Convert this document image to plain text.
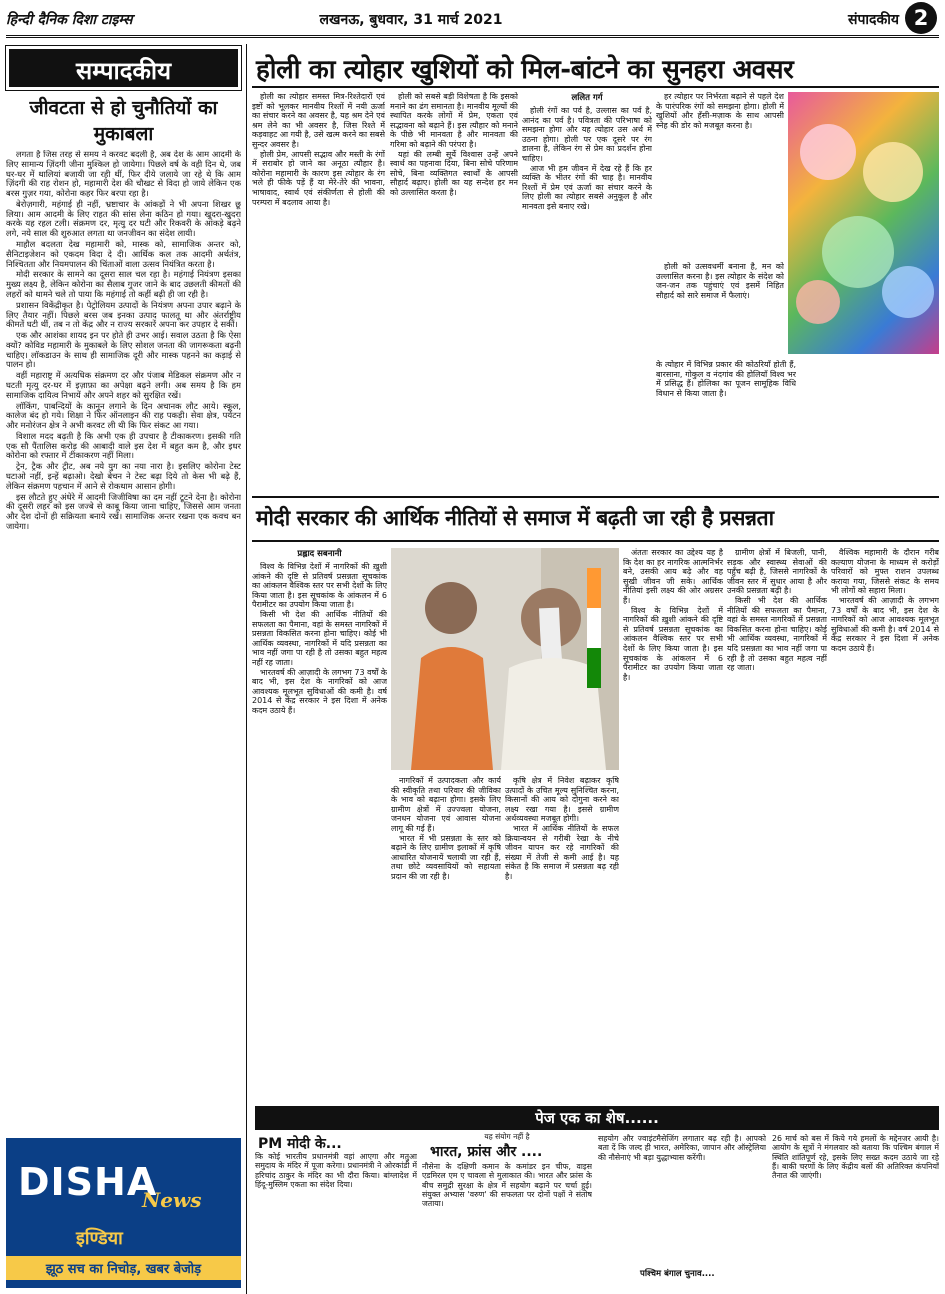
हिन्दी दैनिक दिशा टाइम्स	लखनऊ, बुधवार, 31 मार्च 2021	संपादकीय 2
सम्पादकीय
जीवटता से हो चुनौतियों का मुकाबला

लगता है जिस तरह से समय ने करवट बदली है, अब देश के आम आदमी के लिए सामान्य ज़िंदगी जीना मुश्किल हो जायेगा। पिछले वर्ष के वही दिन थे, जब घर-घर में थालियां बजायी जा रही थीं, फिर दीये जलाये जा रहे थे कि आम ज़िंदगी की राह रोशन हो, महामारी देश की चौखट से विदा हो जाये लेकिन एक बरस गुज़र गया, कोरोना कहर फिर बरपा रहा है।

बेरोज़गारी, महंगाई ही नहीं, भ्रष्टाचार के आंकड़ों ने भी अपना शिखर छू लिया। आम आदमी के लिए राहत की सांस लेना कठिन हो गया। खुदरा-खुदरा करके यह रहल टली। संक्रमण दर, मृत्यु दर घटी और रिकवरी के आंकड़े बढ़ने लगे, नये साल की शुरुआत लगता था जनजीवन का संदेश लायी।

माहौल बदलता देख महामारी को, मास्क को, सामाजिक अन्तर को, सैनिटाइजेशन को एकदम विदा दे दी। आर्थिक कल तक आदमी अर्थतंत्र, निश्चितता और नियमपालन की चिंताओं वाला उत्सव नियंत्रित करता है।

मोदी सरकार के सामने का दूसरा साल चल रहा है। महंगाई नियंत्रण इसका मुख्य लक्ष्य है, लेकिन कोरोना का सैलाब गुजर जाने के बाद उछलती कीमतों की लहरों को थामने चले तो पाया कि महंगाई तो कहीं बढ़ी ही जा रही है।

प्रशासन विकेंद्रीकृत है। पेट्रोलियम उत्पादों के नियंत्रण अपना उपार बढ़ाने के लिए तैयार नहीं। पिछले बरस जब इनका उत्पाद फालतू था और अंतर्राष्ट्रीय कीमतें घटी थीं, तब न तो केंद्र और न राज्य सरकारें अपना कर उपहार दे सकीं।

एक और आशंका शायद इन पर होते ही उभर आई। सवाल उठता है कि ऐसा क्यों? कोविड महामारी के मुकाबले के लिए सोशल जनता की जागरूकता बढ़नी चाहिए। लॉकडाउन के साथ ही सामाजिक दूरी और मास्क पहनने का कड़ाई से पालन हो।

वहीं महाराष्ट्र में अत्यधिक संक्रमण दर और पंजाब मेडिकल संक्रमण और न घटती मृत्यु दर-घर में इज़ाफ़ा का अपेक्षा बढ़ने लगी। अब समय है कि हम सामाजिक दायित्व निभायें और अपने शहर को सुरक्षित रखें।

लॉकिंग, पाबन्दियों के कानून लगाने के दिन अचानक लौट आये। स्कूल, कालेज बंद हो गये। शिक्षा ने फिर ऑनलाइन की राह पकड़ी। सेवा क्षेत्र, पर्यटन और मनोरंजन क्षेत्र ने अभी करवट ली थी कि फिर संकट आ गया।

विशाल मदद बढ़ती है कि अभी एक ही उपचार है टीकाकरण। इसकी गति एक सौ पैंतालिस करोड़ की आबादी वाले इस देश में बहुत कम है, और इधर कोरोना को रफ्तार में टीकाकरण नहीं मिला।

ट्रेन, ट्रैक और ट्रीट, अब नये युग का नया नारा है। इसलिए कोरोना टेस्ट घटाओ नहीं, इन्हें बढ़ाओ। देखो बेचन ने टेस्ट बढ़ा दिये तो केस भी बढ़े हैं, लेकिन संक्रमण पहचान में आने से रोकथाम आसान होगी।

इस लौटते हुए अंधेरे में आदमी जिजीविषा का दम नहीं टूटने देना है। कोरोना की दूसरी लहर को इस जज्बे से काबू किया जाना चाहिए, जिससे आम जनता और देश दोनों ही सक्रियता बनाये रखें। सामाजिक अन्तर रखना एक कवच बन जायेगा।

DISHA
News
इण्डिया
झूठ सच का निचोड़, खबर बेजोड़
होली का त्योहार खुशियों को मिल-बांटने का सुनहरा अवसर

होली का त्योहार समस्त मित्र-रिश्तेदारों एवं इष्टों को भूलकर मानवीय रिश्तों में नयी ऊर्जा का संचार करने का अवसर है, यह श्रम देने एवं श्रम लेने का भी अवसर है, जिस रिश्ते में कड़वाहट आ गयी है, उसे खत्म करने का सबसे सुन्दर अवसर है।

होली प्रेम, आपसी सद्भाव और मस्ती के रंगों में सराबोर हो जाने का अनूठा त्यौहार है। कोरोना महामारी के कारण इस त्योहार के रंग भले ही फीके पड़ें हैं या मेरे-तेरे की भावना, भाषावाद, स्वार्थ एवं संकीर्णता से होली की परम्परा में बदलाव आया है।

होली को सबसे बड़ी विशेषता है कि इसको मनाने का ढंग समानता है। मानवीय मूल्यों की स्थापित करके लोगों में प्रेम, एकता एवं सद्भावना को बढ़ाने हैं। इस त्यौहार को मनाने के पीछे भी मानवता है और मानवता की गरिमा को बढ़ाने की परंपरा है।

यहां की लम्बी सूर्ये विश्वास उन्हें अपने स्वार्थ का पहनावा दिया, बिना सोचे परिणाम सोचे, बिना व्यक्तिगत स्वार्थों के आपसी सौहार्द बढ़ाए। होली का यह सन्देश हर मन को उल्लासित करता है।

ललित गर्ग

होली रंगों का पर्व है, उल्लास का पर्व है, आनंद का पर्व है। पवित्रता की परिभाषा को समझना होगा और यह त्योहार उस अर्थ में उठना होगा। होली पर एक दूसरे पर रंग डालना है, लेकिन रंग से प्रेम का प्रदर्शन होना चाहिए।

आज भी हम जीवन में देख रहे हैं कि हर व्यक्ति के भीतर रंगों की चाह है। मानवीय रिश्तों में प्रेम एवं ऊर्जा का संचार करने के लिए होली का त्योहार सबसे अनुकूल है और मानवता इसे बनाए रखे।

हर त्योहार पर निर्भरता बढ़ाने से पहले देश के पारंपरिक रंगों को समझना होगा। होली में खुशियों और हँसी-मज़ाक के साथ आपसी स्नेह की डोर को मजबूत करना है।

होली को उत्सवधर्मी बनाना है, मन को उल्लासित करना है। इस त्योहार के संदेश को जन-जन तक पहुंचाएं एवं इसमें निहित सौहार्द को सारे समाज में फैलाएं।

के त्योहार में विभिन्न प्रकार की कोठरियाँ होती हैं, बारसाना, गोकुल व नंदगांव की होलियाँ विश्व भर में प्रसिद्ध हैं। होलिका का पूजन सामूहिक विधि विधान से किया जाता है।
मोदी सरकार की आर्थिक नीतियों से समाज में बढ़ती जा रही है प्रसन्नता
प्रह्लाद सबनानी

विश्व के विभिन्न देशों में नागरिकों की ख़ुशी आंकने की दृष्टि से प्रतिवर्ष प्रसन्नता सूचकांक का आंकलन वैश्विक स्तर पर सभी देशों के लिए किया जाता है। इस सूचकांक के आंकलन में 6 पैरामीटर का उपयोग किया जाता है।

किसी भी देश की आर्थिक नीतियों की सफलता का पैमाना, वहां के समस्त नागरिकों में प्रसन्नता विकसित करना होना चाहिए। कोई भी आर्थिक व्यवस्था, नागरिकों में यदि प्रसन्नता का भाव नहीं जगा पा रही है तो उसका बहुत महत्व नहीं रह जाता।

भारतवर्ष की आज़ादी के लगभग 73 वर्षों के बाद भी, इस देश के नागरिकों को आज आवश्यक मूलभूत सुविधाओं की कमी है। वर्ष 2014 से केंद्र सरकार ने इस दिशा में अनेक कदम उठाये हैं।

नागरिकों में उत्पादकता और कार्य की स्वीकृति तथा परिवार की जीविका के भाव को बढ़ाना होगा। इसके लिए ग्रामीण क्षेत्रों में उज्ज्वला योजना, जनधन योजना एवं आवास योजना लागू की गई हैं।

भारत में भी प्रसन्नता के स्तर को बढ़ाने के लिए ग्रामीण इलाकों में कृषि आधारित योजनायें चलायी जा रही हैं, तथा छोटे व्यवसायियों को सहायता प्रदान की जा रही है।

कृषि क्षेत्र में निवेश बढ़ाकर कृषि उत्पादों के उचित मूल्य सुनिश्चित करना, किसानों की आय को दोगुना करने का लक्ष्य रखा गया है। इससे ग्रामीण अर्थव्यवस्था मजबूत होगी।

भारत में आर्थिक नीतियों के सफल क्रियान्वयन से गरीबी रेखा के नीचे जीवन यापन कर रहे नागरिकों की संख्या में तेजी से कमी आई है। यह संकेत है कि समाज में प्रसन्नता बढ़ रही है।

अंततः सरकार का उद्देश्य यह है कि देश का हर नागरिक आत्मनिर्भर बने, उसकी आय बढ़े और वह सुखी जीवन जी सके। आर्थिक नीतियां इसी लक्ष्य की ओर अग्रसर हैं।

विश्व के विभिन्न देशों में नागरिकों की ख़ुशी आंकने की दृष्टि से प्रतिवर्ष प्रसन्नता सूचकांक का आंकलन वैश्विक स्तर पर सभी देशों के लिए किया जाता है। इस सूचकांक के आंकलन में 6 पैरामीटर का उपयोग किया जाता है।

ग्रामीण क्षेत्रों में बिजली, पानी, सड़क और स्वास्थ्य सेवाओं की पहुँच बढ़ी है, जिससे नागरिकों के जीवन स्तर में सुधार आया है और उनकी प्रसन्नता बढ़ी है।

किसी भी देश की आर्थिक नीतियों की सफलता का पैमाना, वहां के समस्त नागरिकों में प्रसन्नता विकसित करना होना चाहिए। कोई भी आर्थिक व्यवस्था, नागरिकों में यदि प्रसन्नता का भाव नहीं जगा पा रही है तो उसका बहुत महत्व नहीं रह जाता।

वैश्विक महामारी के दौरान गरीब कल्याण योजना के माध्यम से करोड़ों परिवारों को मुफ्त राशन उपलब्ध कराया गया, जिससे संकट के समय भी लोगों को सहारा मिला।

भारतवर्ष की आज़ादी के लगभग 73 वर्षों के बाद भी, इस देश के नागरिकों को आज आवश्यक मूलभूत सुविधाओं की कमी है। वर्ष 2014 से केंद्र सरकार ने इस दिशा में अनेक कदम उठाये हैं।

पेज एक का शेष......
PM मोदी के...
कि कोई भारतीय प्रधानमंत्री वहां आएगा और मतुआ समुदाय के मंदिर में पूजा करेगा। प्रधानमंत्री ने ओरकांडी में हरिचांद ठाकुर के मंदिर का भी दौरा किया। बांग्लादेश में हिंदू-मुस्लिम एकता का संदेश दिया।
यह संयोग नहीं है
भारत, फ्रांस और ....
नौसेना के दक्षिणी कमान के कमांडर इन चीफ, वाइस एडमिरल एम ए चावला से मुलाकात की। भारत और फ्रांस के बीच समुद्री सुरक्षा के क्षेत्र में सहयोग बढ़ाने पर चर्चा हुई। संयुक्त अभ्यास 'वरुण' की सफलता पर दोनों पक्षों ने संतोष जताया।
सहयोग और ज्वाइंटमैसेजिंग लगातार बढ़ रही है। आपको बता दें कि जल्द ही भारत, अमेरिका, जापान और ऑस्ट्रेलिया की नौसेनाएं भी बड़ा युद्धाभ्यास करेंगी।
पश्चिम बंगाल चुनाव....
26 मार्च को बस में किये गये हमलों के मद्देनजर आयी है। आयोग के सूत्रों ने मंगलवार को बताया कि पश्चिम बंगाल में स्थिति शांतिपूर्ण रहे, इसके लिए सख्त कदम उठाये जा रहे हैं। बाकी चरणों के लिए केंद्रीय बलों की अतिरिक्त कंपनियाँ तैनात की जाएंगी।
